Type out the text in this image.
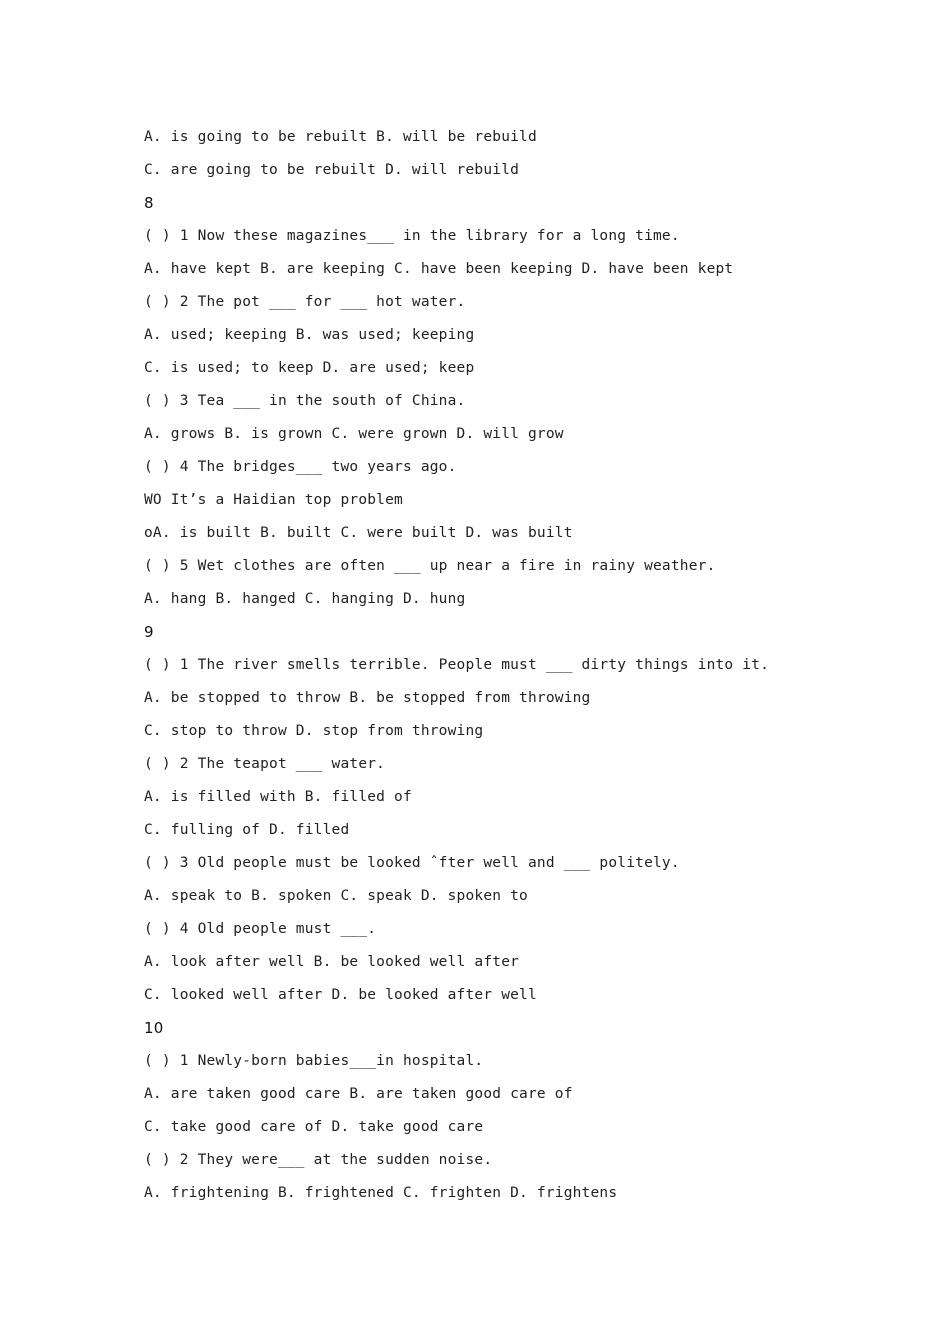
A. is going to be rebuilt B. will be rebuild
C. are going to be rebuilt D. will rebuild
8
( ) 1 Now these magazines___ in the library for a long time.
A. have kept B. are keeping C. have been keeping D. have been kept
( ) 2 The pot ___ for ___ hot water.
A. used; keeping B. was used; keeping
C. is used; to keep D. are used; keep
( ) 3 Tea ___ in the south of China.
A. grows B. is grown C. were grown D. will grow
( ) 4 The bridges___ two years ago.
WO It’s a Haidian top problem
oA. is built B. built C. were built D. was built
( ) 5 Wet clothes are often ___ up near a fire in rainy weather.
A. hang B. hanged C. hanging D. hung
9
( ) 1 The river smells terrible. People must ___ dirty things into it.
A. be stopped to throw B. be stopped from throwing
C. stop to throw D. stop from throwing
( ) 2 The teapot ___ water.
A. is filled with B. filled of
C. fulling of D. filled
( ) 3 Old people must be looked ˆfter well and ___ politely.
A. speak to B. spoken C. speak D. spoken to
( ) 4 Old people must ___.
A. look after well B. be looked well after
C. looked well after D. be looked after well
10
( ) 1 Newly-born babies___in hospital.
A. are taken good care B. are taken good care of
C. take good care of D. take good care
( ) 2 They were___ at the sudden noise.
A. frightening B. frightened C. frighten D. frightens
